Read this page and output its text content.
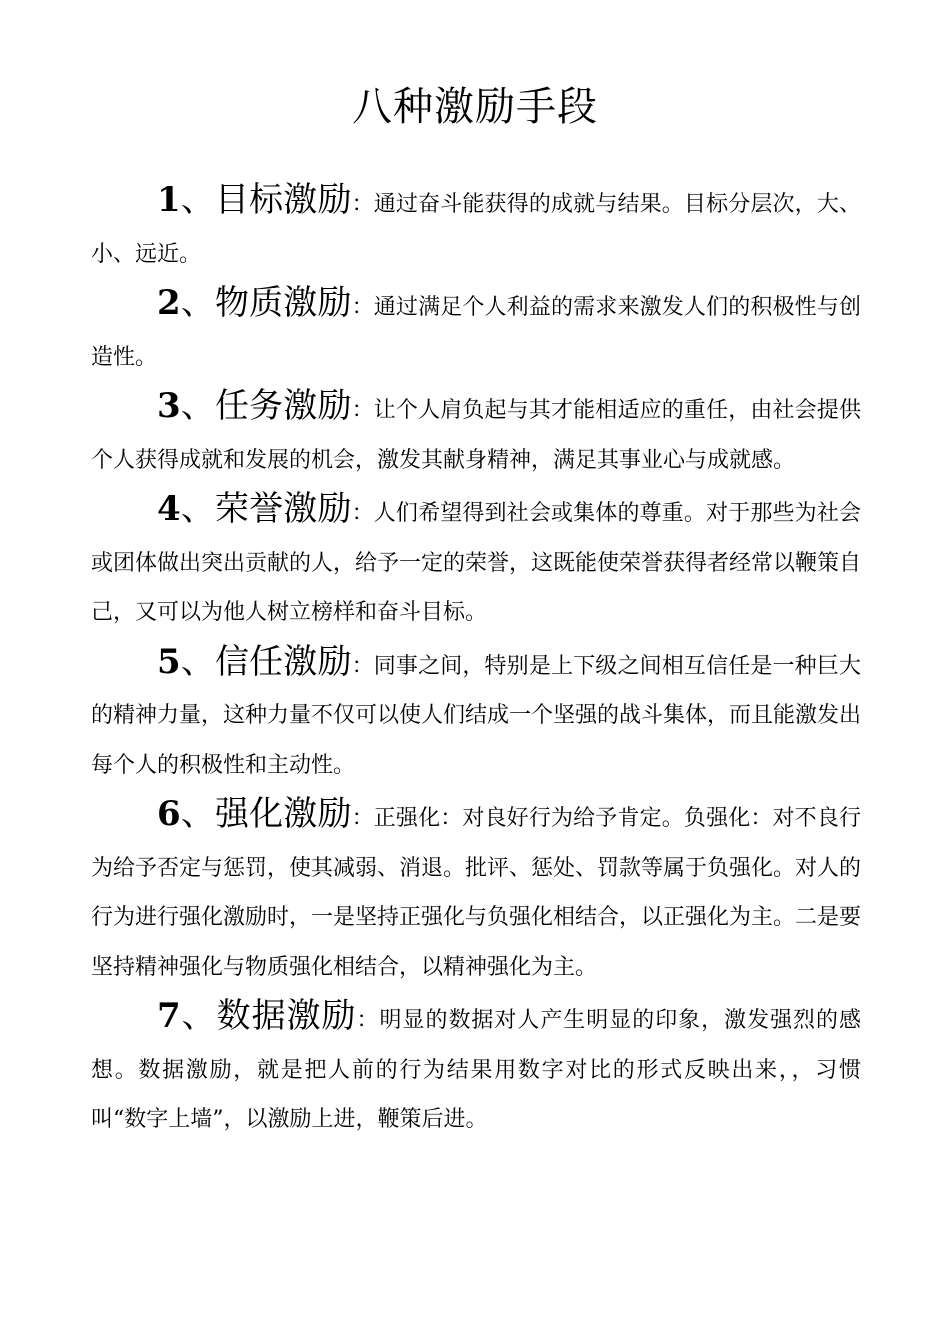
八种激励手段

1、目标激励：通过奋斗能获得的成就与结果。目标分层次，大、小、远近。

2、物质激励：通过满足个人利益的需求来激发人们的积极性与创造性。

3、任务激励：让个人肩负起与其才能相适应的重任，由社会提供个人获得成就和发展的机会，激发其献身精神，满足其事业心与成就感。

4、荣誉激励：人们希望得到社会或集体的尊重。对于那些为社会或团体做出突出贡献的人，给予一定的荣誉，这既能使荣誉获得者经常以鞭策自己，又可以为他人树立榜样和奋斗目标。

5、信任激励：同事之间，特别是上下级之间相互信任是一种巨大的精神力量，这种力量不仅可以使人们结成一个坚强的战斗集体，而且能激发出每个人的积极性和主动性。

6、强化激励：正强化：对良好行为给予肯定。负强化：对不良行为给予否定与惩罚，使其减弱、消退。批评、惩处、罚款等属于负强化。对人的行为进行强化激励时，一是坚持正强化与负强化相结合，以正强化为主。二是要坚持精神强化与物质强化相结合，以精神强化为主。

7、数据激励：明显的数据对人产生明显的印象，激发强烈的感想。数据激励，就是把人前的行为结果用数字对比的形式反映出来，，习惯叫“数字上墙”，以激励上进，鞭策后进。
